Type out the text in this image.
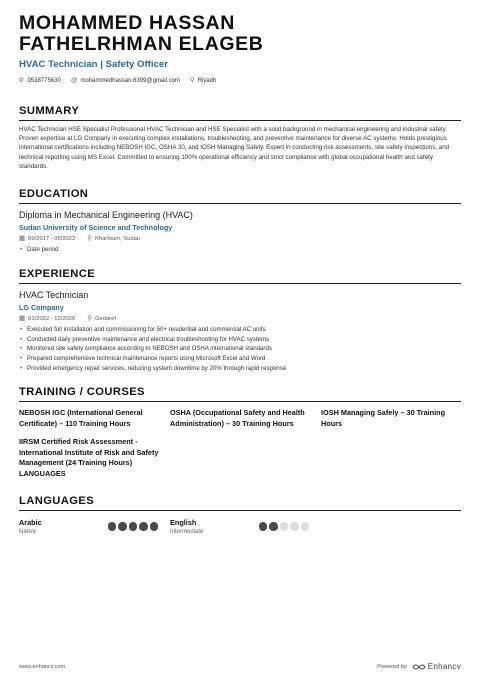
MOHAMMED HASSAN
FATHELRHMAN ELAGEB
HVAC Technician | Safety Officer
✆ 0538775630 @ mohammedhassan.6399@gmail.com ⚲ Riyadh
SUMMARY

HVAC Technician HSE Specialist Professional HVAC Technician and HSE Specialist with a solid background in mechanical engineering and industrial safety. Proven expertise at LG Company in executing complex installations, troubleshooting, and preventive maintenance for diverse AC systems. Holds prestigious international certifications including NEBOSH IGC, OSHA 30, and IOSH Managing Safely. Expert in conducting risk assessments, site safety inspections, and technical reporting using MS Excel. Committed to ensuring 100% operational efficiency and strict compliance with global occupational health and safety standards.

EDUCATION
Diploma in Mechanical Engineering (HVAC)
Sudan University of Science and Technology
▦ 09/2017 - 05/2022 ⚲ Khartoum, Sudan
• Date period
EXPERIENCE
HVAC Technician
LG Company
▦ 01/2022 - 12/2026 ⚲ Gedaref
• Executed full installation and commissioning for 50+ residential and commercial AC units
• Conducted daily preventive maintenance and electrical troubleshooting for HVAC systems
• Monitored site safety compliance according to NEBOSH and OSHA international standards
• Prepared comprehensive technical maintenance reports using Microsoft Excel and Word
• Provided emergency repair services, reducing system downtime by 20% through rapid response
TRAINING / COURSES
NEBOSH IGC (International General Certificate) – 110 Training Hours
OSHA (Occupational Safety and Health Administration) – 30 Training Hours
IOSH Managing Safely – 30 Training Hours
IIRSM Certified Risk Assessment - International Institute of Risk and Safety Management (24 Training Hours) LANGUAGES
LANGUAGES
Arabic
Native
English
Intermediate
www.enhancv.com	Powered by	Enhancv
